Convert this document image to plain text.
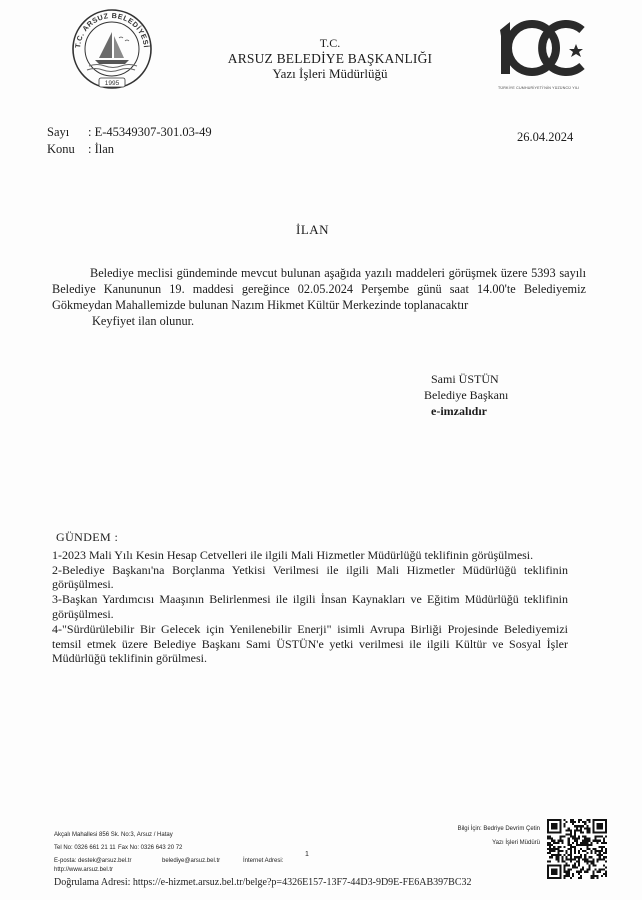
T.C. ARSUZ BELEDİYESİ
1995
T.C.
ARSUZ BELEDİYE BAŞKANLIĞI
Yazı İşleri Müdürlüğü
TÜRKİYE CUMHURİYETİ'NİN YÜZÜNCÜ YILI
Sayı : E-45349307-301.03-49
Konu : İlan
26.04.2024
İLAN

Belediye meclisi gündeminde mevcut bulunan aşağıda yazılı maddeleri görüşmek üzere 5393 sayılı Belediye Kanununun 19. maddesi gereğince 02.05.2024 Perşembe günü saat 14.00'te Belediyemiz Gökmeydan Mahallemizde bulunan Nazım Hikmet Kültür Merkezinde toplanacaktır

Keyfiyet ilan olunur.

Sami ÜSTÜN
Belediye Başkanı
e-imzalıdır

GÜNDEM :

1-2023 Mali Yılı Kesin Hesap Cetvelleri ile ilgili Mali Hizmetler Müdürlüğü teklifinin görüşülmesi.

2-Belediye Başkanı'na Borçlanma Yetkisi Verilmesi ile ilgili Mali Hizmetler Müdürlüğü teklifinin görüşülmesi.

3-Başkan Yardımcısı Maaşının Belirlenmesi ile ilgili İnsan Kaynakları ve Eğitim Müdürlüğü teklifinin görüşülmesi.

4-"Sürdürülebilir Bir Gelecek için Yenilenebilir Enerji" isimli Avrupa Birliği Projesinde Belediyemizi temsil etmek üzere Belediye Başkanı Sami ÜSTÜN'e yetki verilmesi ile ilgili Kültür ve Sosyal İşler Müdürlüğü teklifinin görülmesi.

Akçalı Mahallesi 856 Sk. No:3, Arsuz / Hatay
Tel No: 0326 661 21 11 Fax No: 0326 643 20 72
E-posta: destek@arsuz.bel.tr	belediye@arsuz.bel.tr	İnternet Adresi:
http://www.arsuz.bel.tr
1
Bilgi İçin: Bedriye Devrim Çetin
Yazı İşleri Müdürü
Doğrulama Adresi: https://e-hizmet.arsuz.bel.tr/belge?p=4326E157-13F7-44D3-9D9E-FE6AB397BC32
